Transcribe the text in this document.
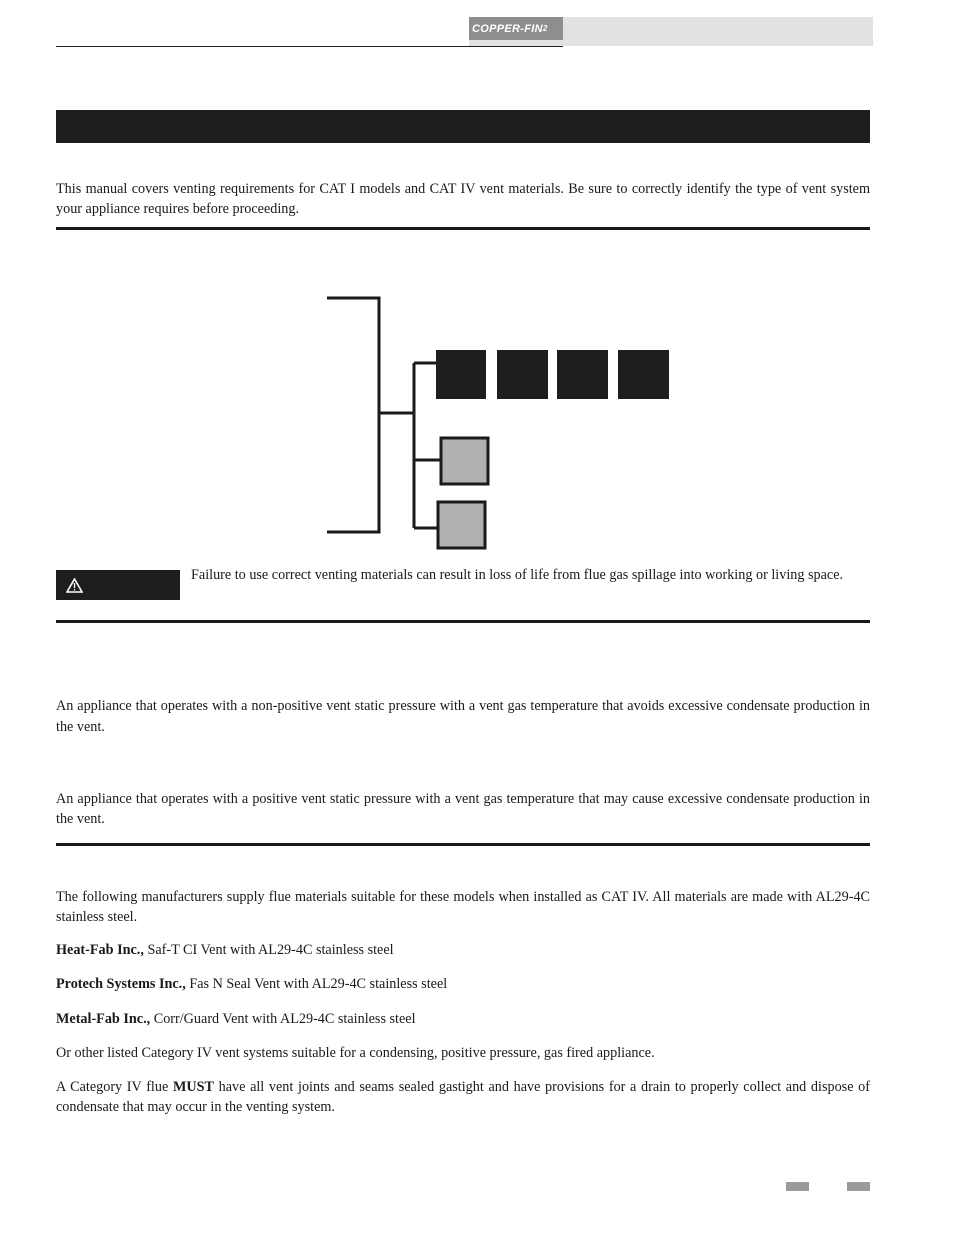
COPPER-FIN 2

This manual covers venting requirements for CAT I models and CAT IV vent materials. Be sure to correctly identify the type of vent system your appliance requires before proceeding.

Failure to use correct venting materials can result in loss of life from flue gas spillage into working or living space.

An appliance that operates with a non-positive vent static pressure with a vent gas temperature that avoids excessive condensate production in the vent.

An appliance that operates with a positive vent static pressure with a vent gas temperature that may cause excessive condensate production in the vent.

The following manufacturers supply flue materials suitable for these models when installed as CAT IV. All materials are made with AL29-4C stainless steel.

Heat-Fab Inc., Saf-T CI Vent with AL29-4C stainless steel

Protech Systems Inc., Fas N Seal Vent with AL29-4C stainless steel

Metal-Fab Inc., Corr/Guard Vent with AL29-4C stainless steel

Or other listed Category IV vent systems suitable for a condensing, positive pressure, gas fired appliance.

A Category IV flue MUST have all vent joints and seams sealed gastight and have provisions for a drain to properly collect and dispose of condensate that may occur in the venting system.
